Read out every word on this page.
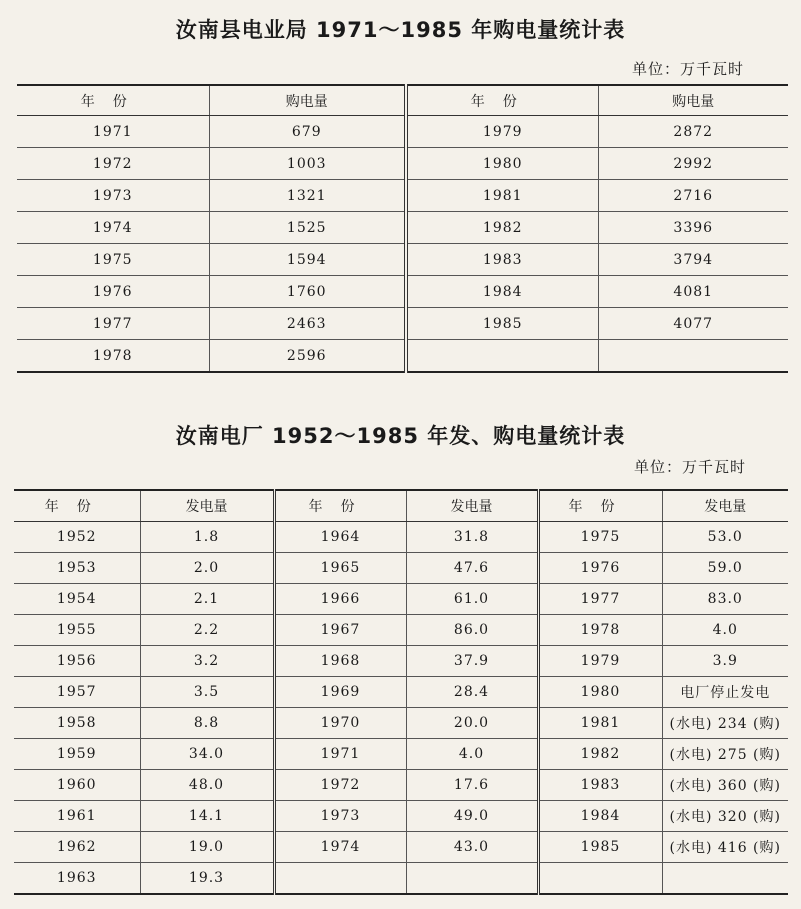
汝南县电业局 1971～1985 年购电量统计表
单位：万千瓦时
年份	购电量	年份	购电量
1971	679	1979	2872
1972	1003	1980	2992
1973	1321	1981	2716
1974	1525	1982	3396
1975	1594	1983	3794
1976	1760	1984	4081
1977	2463	1985	4077
1978	2596		
汝南电厂 1952～1985 年发、购电量统计表
单位：万千瓦时
年份	发电量	年份	发电量	年份	发电量
1952	1.8	1964	31.8	1975	53.0
1953	2.0	1965	47.6	1976	59.0
1954	2.1	1966	61.0	1977	83.0
1955	2.2	1967	86.0	1978	4.0
1956	3.2	1968	37.9	1979	3.9
1957	3.5	1969	28.4	1980	电厂停止发电
1958	8.8	1970	20.0	1981	(水电) 234 (购)
1959	34.0	1971	4.0	1982	(水电) 275 (购)
1960	48.0	1972	17.6	1983	(水电) 360 (购)
1961	14.1	1973	49.0	1984	(水电) 320 (购)
1962	19.0	1974	43.0	1985	(水电) 416 (购)
1963	19.3				
